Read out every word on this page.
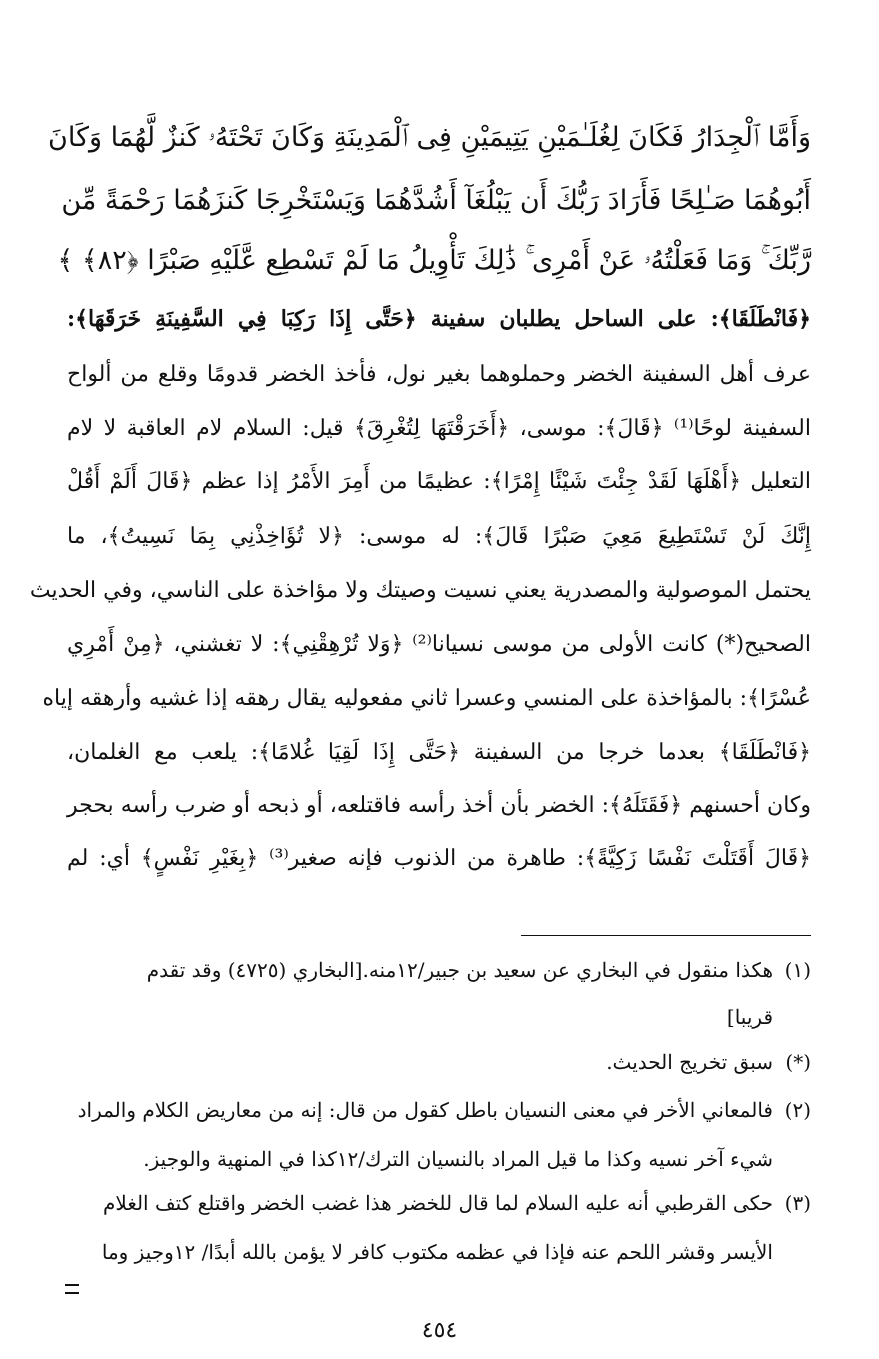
وَأَمَّا ٱلْجِدَارُ فَكَانَ لِغُلَـٰمَيْنِ يَتِيمَيْنِ فِى ٱلْمَدِينَةِ وَكَانَ تَحْتَهُۥ كَنزٌ لَّهُمَا وَكَانَ
أَبُوهُمَا صَـٰلِحًا فَأَرَادَ رَبُّكَ أَن يَبْلُغَآ أَشُدَّهُمَا وَيَسْتَخْرِجَا كَنزَهُمَا رَحْمَةً مِّن
رَّبِّكَ ۚ وَمَا فَعَلْتُهُۥ عَنْ أَمْرِى ۚ ذَٰلِكَ تَأْوِيلُ مَا لَمْ تَسْطِع عَّلَيْهِ صَبْرًا ﴿٨٢﴾ ﴾
﴿فَانْطَلَقَا﴾: على الساحل يطلبان سفينة ﴿حَتَّى إِذَا رَكِبَا فِي السَّفِينَةِ خَرَقَهَا﴾:
عرف أهل السفينة الخضر وحملوهما بغير نول، فأخذ الخضر قدومًا وقلع من ألواح
السفينة لوحًا⁽¹⁾ ﴿قَالَ﴾: موسى، ﴿أَخَرَقْتَهَا لِتُغْرِقَ﴾ قيل: السلام لام العاقبة لا لام
التعليل ﴿أَهْلَهَا لَقَدْ جِئْتَ شَيْئًا إِمْرًا﴾: عظيمًا من أَمِرَ الأَمْرُ إذا عظم ﴿قَالَ أَلَمْ أَقُلْ
إِنَّكَ لَنْ تَسْتَطِيعَ مَعِيَ صَبْرًا قَالَ﴾: له موسى: ﴿لا تُؤَاخِذْنِي بِمَا نَسِيتُ﴾، ما
يحتمل الموصولية والمصدرية يعني نسيت وصيتك ولا مؤاخذة على الناسي، وفي الحديث
الصحيح(*) كانت الأولى من موسى نسيانا⁽²⁾ ﴿وَلا تُرْهِقْنِي﴾: لا تغشني، ﴿مِنْ أَمْرِي
عُسْرًا﴾: بالمؤاخذة على المنسي وعسرا ثاني مفعوليه يقال رهقه إذا غشيه وأرهقه إياه
﴿فَانْطَلَقَا﴾ بعدما خرجا من السفينة ﴿حَتَّى إِذَا لَقِيَا غُلامًا﴾: يلعب مع الغلمان،
وكان أحسنهم ﴿فَقَتَلَهُ﴾: الخضر بأن أخذ رأسه فاقتلعه، أو ذبحه أو ضرب رأسه بحجر
﴿قَالَ أَقَتَلْتَ نَفْسًا زَكِيَّةً﴾: طاهرة من الذنوب فإنه صغير⁽³⁾ ﴿بِغَيْرِ نَفْسٍ﴾ أي: لم
(١)هكذا منقول في البخاري عن سعيد بن جبير/١٢منه.[البخاري (٤٧٢٥) وقد تقدم
قريبا]
(*)سبق تخريج الحديث.
(٢)فالمعاني الأخر في معنى النسيان باطل كقول من قال: إنه من معاريض الكلام والمراد
شيء آخر نسيه وكذا ما قيل المراد بالنسيان الترك/١٢كذا في المنهية والوجيز.
(٣)حكى القرطبي أنه عليه السلام لما قال للخضر هذا غضب الخضر واقتلع كتف الغلام
الأيسر وقشر اللحم عنه فإذا في عظمه مكتوب كافر لا يؤمن بالله أبدًا/ ١٢وجيز وما
٤٥٤
